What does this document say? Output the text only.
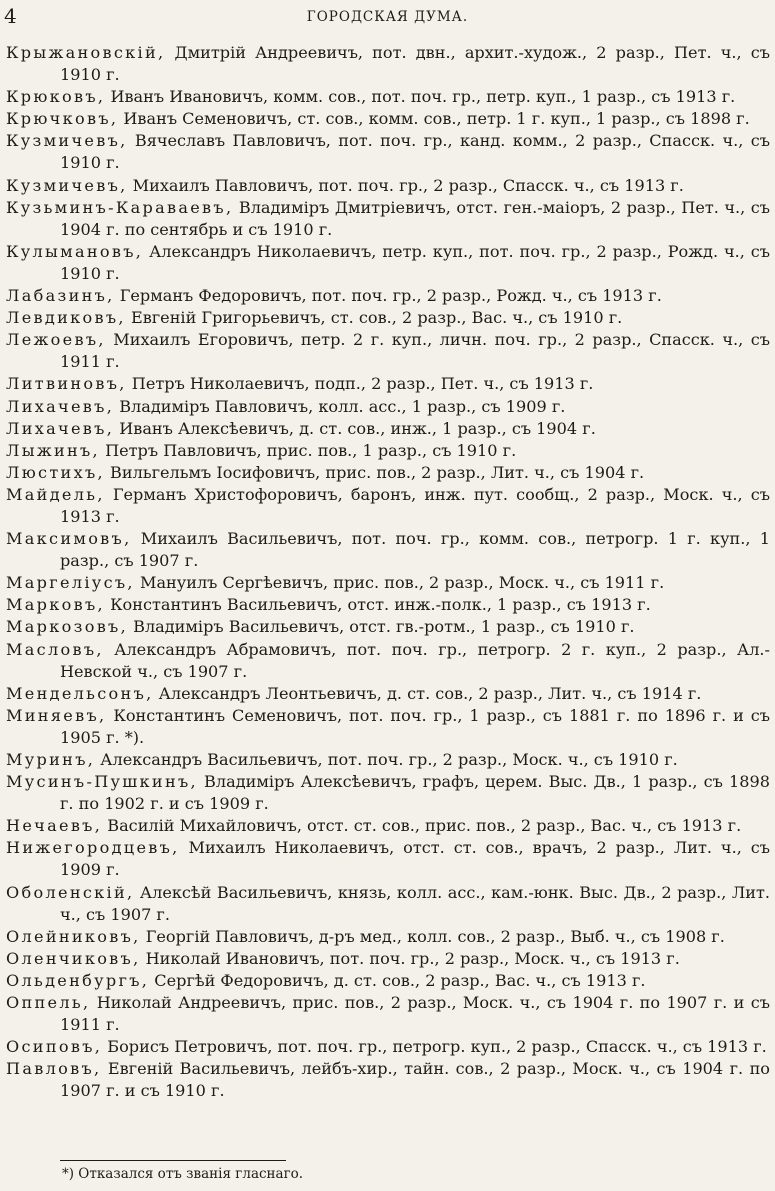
4	ГОРОДСКАЯ ДУМА.
Крыжановскій, Дмитрій Андреевичъ, пот. двн., архит.-худож., 2 разр., Пет. ч., съ 1910 г.
Крюковъ, Иванъ Ивановичъ, комм. сов., пот. поч. гр., петр. куп., 1 разр., съ 1913 г.
Крючковъ, Иванъ Семеновичъ, ст. сов., комм. сов., петр. 1 г. куп., 1 разр., съ 1898 г.
Кузмичевъ, Вячеславъ Павловичъ, пот. поч. гр., канд. комм., 2 разр., Спасск. ч., съ 1910 г.
Кузмичевъ, Михаилъ Павловичъ, пот. поч. гр., 2 разр., Спасск. ч., съ 1913 г.
Кузьминъ-Караваевъ, Владиміръ Дмитріевичъ, отст. ген.-маіоръ, 2 разр., Пет. ч., съ 1904 г. по сентябрь и съ 1910 г.
Кулымановъ, Александръ Николаевичъ, петр. куп., пот. поч. гр., 2 разр., Рожд. ч., съ 1910 г.
Лабазинъ, Германъ Федоровичъ, пот. поч. гр., 2 разр., Рожд. ч., съ 1913 г.
Левдиковъ, Евгеній Григорьевичъ, ст. сов., 2 разр., Вас. ч., съ 1910 г.
Лежоевъ, Михаилъ Егоровичъ, петр. 2 г. куп., личн. поч. гр., 2 разр., Спасск. ч., съ 1911 г.
Литвиновъ, Петръ Николаевичъ, подп., 2 разр., Пет. ч., съ 1913 г.
Лихачевъ, Владиміръ Павловичъ, колл. асс., 1 разр., съ 1909 г.
Лихачевъ, Иванъ Алексѣевичъ, д. ст. сов., инж., 1 разр., съ 1904 г.
Лыжинъ, Петръ Павловичъ, прис. пов., 1 разр., съ 1910 г.
Люстихъ, Вильгельмъ Іосифовичъ, прис. пов., 2 разр., Лит. ч., съ 1904 г.
Майдель, Германъ Христофоровичъ, баронъ, инж. пут. сообщ., 2 разр., Моск. ч., съ 1913 г.
Максимовъ, Михаилъ Васильевичъ, пот. поч. гр., комм. сов., петрогр. 1 г. куп., 1 разр., съ 1907 г.
Маргеліусъ, Мануилъ Сергѣевичъ, прис. пов., 2 разр., Моск. ч., съ 1911 г.
Марковъ, Константинъ Васильевичъ, отст. инж.-полк., 1 разр., съ 1913 г.
Маркозовъ, Владиміръ Васильевичъ, отст. гв.-ротм., 1 разр., съ 1910 г.
Масловъ, Александръ Абрамовичъ, пот. поч. гр., петрогр. 2 г. куп., 2 разр., Ал.-Невской ч., съ 1907 г.
Мендельсонъ, Александръ Леонтьевичъ, д. ст. сов., 2 разр., Лит. ч., съ 1914 г.
Миняевъ, Константинъ Семеновичъ, пот. поч. гр., 1 разр., съ 1881 г. по 1896 г. и съ 1905 г. *).
Муринъ, Александръ Васильевичъ, пот. поч. гр., 2 разр., Моск. ч., съ 1910 г.
Мусинъ-Пушкинъ, Владиміръ Алексѣевичъ, графъ, церем. Выс. Дв., 1 разр., съ 1898 г. по 1902 г. и съ 1909 г.
Нечаевъ, Василій Михайловичъ, отст. ст. сов., прис. пов., 2 разр., Вас. ч., съ 1913 г.
Нижегородцевъ, Михаилъ Николаевичъ, отст. ст. сов., врачъ, 2 разр., Лит. ч., съ 1909 г.
Оболенскій, Алексѣй Васильевичъ, князь, колл. асс., кам.-юнк. Выс. Дв., 2 разр., Лит. ч., съ 1907 г.
Олейниковъ, Георгій Павловичъ, д-ръ мед., колл. сов., 2 разр., Выб. ч., съ 1908 г.
Оленчиковъ, Николай Ивановичъ, пот. поч. гр., 2 разр., Моск. ч., съ 1913 г.
Ольденбургъ, Сергѣй Федоровичъ, д. ст. сов., 2 разр., Вас. ч., съ 1913 г.
Оппель, Николай Андреевичъ, прис. пов., 2 разр., Моск. ч., съ 1904 г. по 1907 г. и съ 1911 г.
Осиповъ, Борисъ Петровичъ, пот. поч. гр., петрогр. куп., 2 разр., Спасск. ч., съ 1913 г.
Павловъ, Евгеній Васильевичъ, лейбъ-хир., тайн. сов., 2 разр., Моск. ч., съ 1904 г. по 1907 г. и съ 1910 г.
*) Отказался отъ званія гласнаго.
